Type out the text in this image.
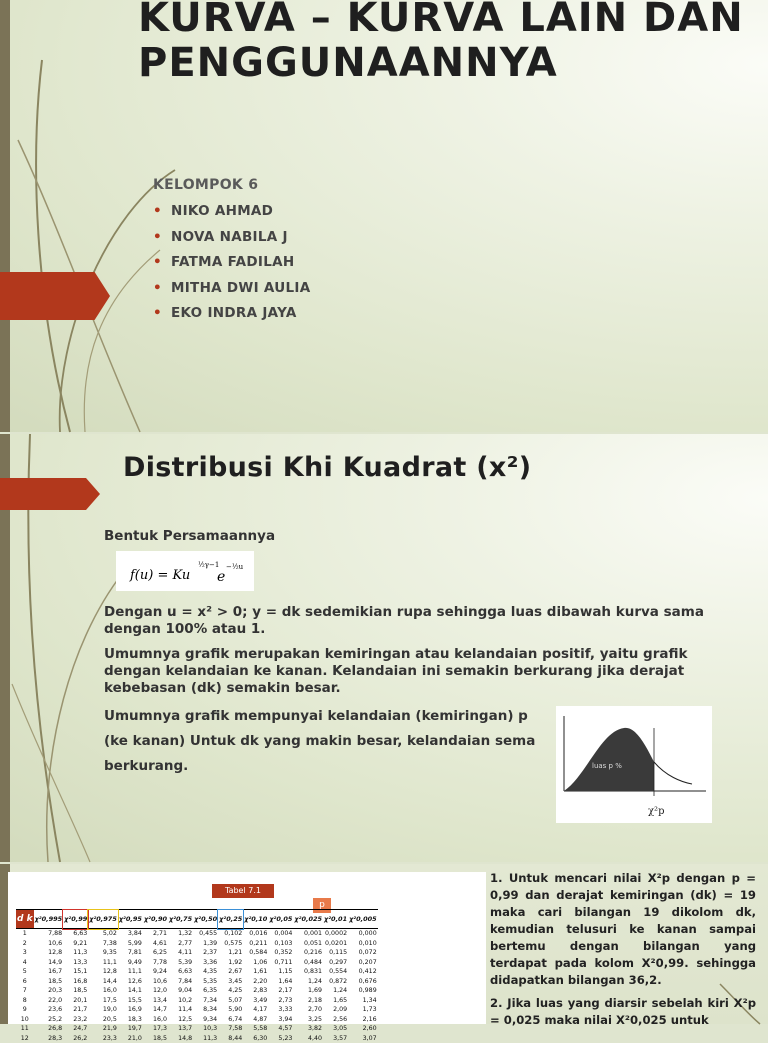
KURVA – KURVA LAIN DAN PENGGUNAANNYA
KELOMPOK 6
• NIKO AHMAD
• NOVA NABILA J
• FATMA FADILAH
• MITHA DWI AULIA
• EKO INDRA JAYA
Distribusi Khi Kuadrat (x²)
Bentuk Persamaannya
f(u) = Ku
½γ−1
e
−½u
Dengan u = x² > 0; y = dk sedemikian rupa sehingga luas dibawah kurva sama dengan 100% atau 1.
Umumnya grafik merupakan kemiringan atau kelandaian positif, yaitu grafik dengan kelandaian ke kanan. Kelandaian ini semakin berkurang jika derajat kebebasan (dk) semakin besar.
Umumnya grafik mempunyai kelandaian (kemiringan) p
(ke kanan) Untuk dk yang makin besar, kelandaian sema
berkurang.	luas p %
χ²p
Tabel 7.1
p
d k	χ²0,995	χ²0,99	χ²0,975	χ²0,95	χ²0,90	χ²0,75	χ²0,50	χ²0,25	χ²0,10	χ²0,05	χ²0,025	χ²0,01	χ²0,005
1	7,88	6,63	5,02	3,84	2,71	1,32	0,455	0,102	0,016	0,004	0,001	0,0002	0,000
2	10,6	9,21	7,38	5,99	4,61	2,77	1,39	0,575	0,211	0,103	0,051	0,0201	0,010
3	12,8	11,3	9,35	7,81	6,25	4,11	2,37	1,21	0,584	0,352	0,216	0,115	0,072
4	14,9	13,3	11,1	9,49	7,78	5,39	3,36	1,92	1,06	0,711	0,484	0,297	0,207
5	16,7	15,1	12,8	11,1	9,24	6,63	4,35	2,67	1,61	1,15	0,831	0,554	0,412
6	18,5	16,8	14,4	12,6	10,6	7,84	5,35	3,45	2,20	1,64	1,24	0,872	0,676
7	20,3	18,5	16,0	14,1	12,0	9,04	6,35	4,25	2,83	2,17	1,69	1,24	0,989
8	22,0	20,1	17,5	15,5	13,4	10,2	7,34	5,07	3,49	2,73	2,18	1,65	1,34
9	23,6	21,7	19,0	16,9	14,7	11,4	8,34	5,90	4,17	3,33	2,70	2,09	1,73
10	25,2	23,2	20,5	18,3	16,0	12,5	9,34	6,74	4,87	3,94	3,25	2,56	2,16
11	26,8	24,7	21,9	19,7	17,3	13,7	10,3	7,58	5,58	4,57	3,82	3,05	2,60
12	28,3	26,2	23,3	21,0	18,5	14,8	11,3	8,44	6,30	5,23	4,40	3,57	3,07

1. Untuk mencari nilai X²p dengan p = 0,99 dan derajat kemiringan (dk) = 19 maka cari bilangan 19 dikolom dk, kemudian telusuri ke kanan sampai bertemu dengan bilangan yang terdapat pada kolom X²0,99. sehingga didapatkan bilangan 36,2.

2. Jika luas yang diarsir sebelah kiri X²p = 0,025 maka nilai X²0,025 untuk
